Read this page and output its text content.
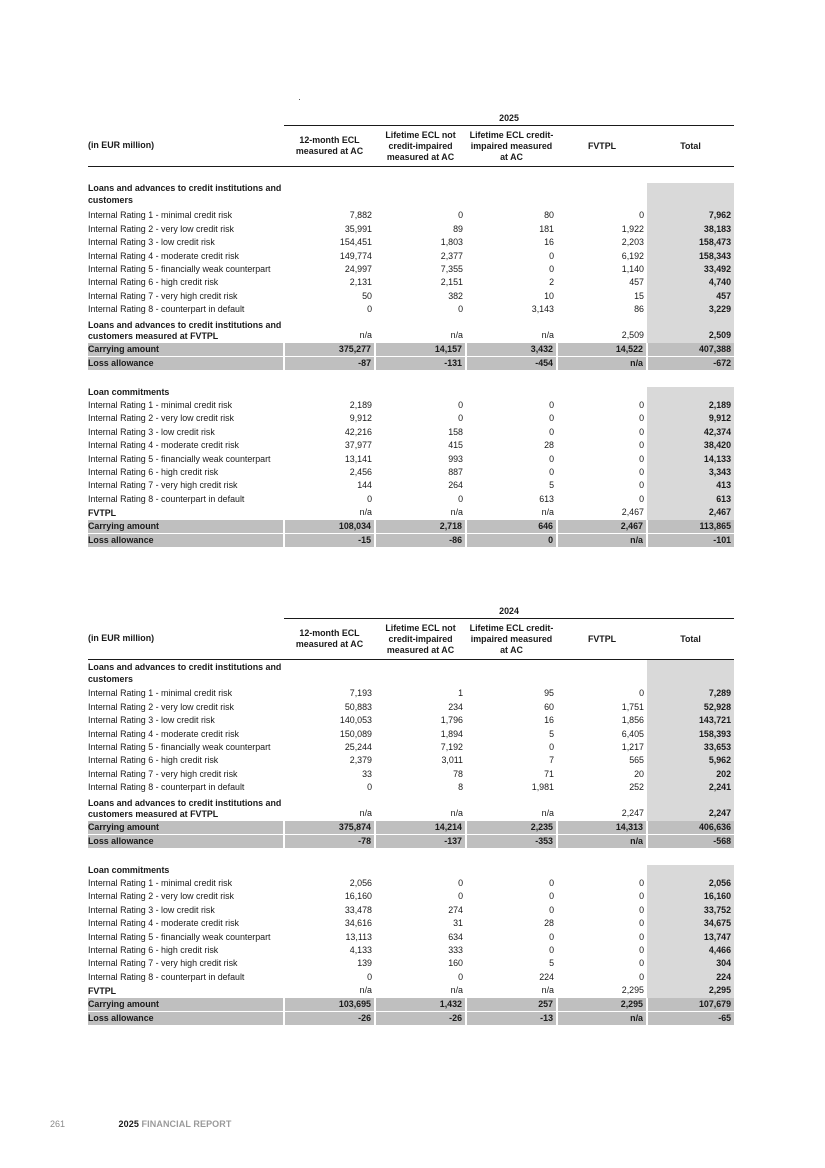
	2025				
(in EUR million)	12-month ECL measured at AC	Lifetime ECL not credit-impaired measured at AC	Lifetime ECL credit-impaired measured at AC	FVTPL	Total

Loans and advances to credit institutions and customers					
Internal Rating 1 - minimal credit risk	7,882	0	80	0	7,962
Internal Rating 2 - very low credit risk	35,991	89	181	1,922	38,183
Internal Rating 3 - low credit risk	154,451	1,803	16	2,203	158,473
Internal Rating 4 - moderate credit risk	149,774	2,377	0	6,192	158,343
Internal Rating 5 - financially weak counterpart	24,997	7,355	0	1,140	33,492
Internal Rating 6 - high credit risk	2,131	2,151	2	457	4,740
Internal Rating 7 - very high credit risk	50	382	10	15	457
Internal Rating 8 - counterpart in default	0	0	3,143	86	3,229
Loans and advances to credit institutions and customers measured at FVTPL	n/a	n/a	n/a	2,509	2,509
Carrying amount	375,277	14,157	3,432	14,522	407,388
Loss allowance	-87	-131	-454	n/a	-672

Loan commitments					
Internal Rating 1 - minimal credit risk	2,189	0	0	0	2,189
Internal Rating 2 - very low credit risk	9,912	0	0	0	9,912
Internal Rating 3 - low credit risk	42,216	158	0	0	42,374
Internal Rating 4 - moderate credit risk	37,977	415	28	0	38,420
Internal Rating 5 - financially weak counterpart	13,141	993	0	0	14,133
Internal Rating 6 - high credit risk	2,456	887	0	0	3,343
Internal Rating 7 - very high credit risk	144	264	5	0	413
Internal Rating 8 - counterpart in default	0	0	613	0	613
FVTPL	n/a	n/a	n/a	2,467	2,467
Carrying amount	108,034	2,718	646	2,467	113,865
Loss allowance	-15	-86	0	n/a	-101
	2024				
(in EUR million)	12-month ECL measured at AC	Lifetime ECL not credit-impaired measured at AC	Lifetime ECL credit-impaired measured at AC	FVTPL	Total
Loans and advances to credit institutions and customers					
Internal Rating 1 - minimal credit risk	7,193	1	95	0	7,289
Internal Rating 2 - very low credit risk	50,883	234	60	1,751	52,928
Internal Rating 3 - low credit risk	140,053	1,796	16	1,856	143,721
Internal Rating 4 - moderate credit risk	150,089	1,894	5	6,405	158,393
Internal Rating 5 - financially weak counterpart	25,244	7,192	0	1,217	33,653
Internal Rating 6 - high credit risk	2,379	3,011	7	565	5,962
Internal Rating 7 - very high credit risk	33	78	71	20	202
Internal Rating 8 - counterpart in default	0	8	1,981	252	2,241
Loans and advances to credit institutions and customers measured at FVTPL	n/a	n/a	n/a	2,247	2,247
Carrying amount	375,874	14,214	2,235	14,313	406,636
Loss allowance	-78	-137	-353	n/a	-568

Loan commitments					
Internal Rating 1 - minimal credit risk	2,056	0	0	0	2,056
Internal Rating 2 - very low credit risk	16,160	0	0	0	16,160
Internal Rating 3 - low credit risk	33,478	274	0	0	33,752
Internal Rating 4 - moderate credit risk	34,616	31	28	0	34,675
Internal Rating 5 - financially weak counterpart	13,113	634	0	0	13,747
Internal Rating 6 - high credit risk	4,133	333	0	0	4,466
Internal Rating 7 - very high credit risk	139	160	5	0	304
Internal Rating 8 - counterpart in default	0	0	224	0	224
FVTPL	n/a	n/a	n/a	2,295	2,295
Carrying amount	103,695	1,432	257	2,295	107,679
Loss allowance	-26	-26	-13	n/a	-65
261	2025 FINANCIAL REPORT
